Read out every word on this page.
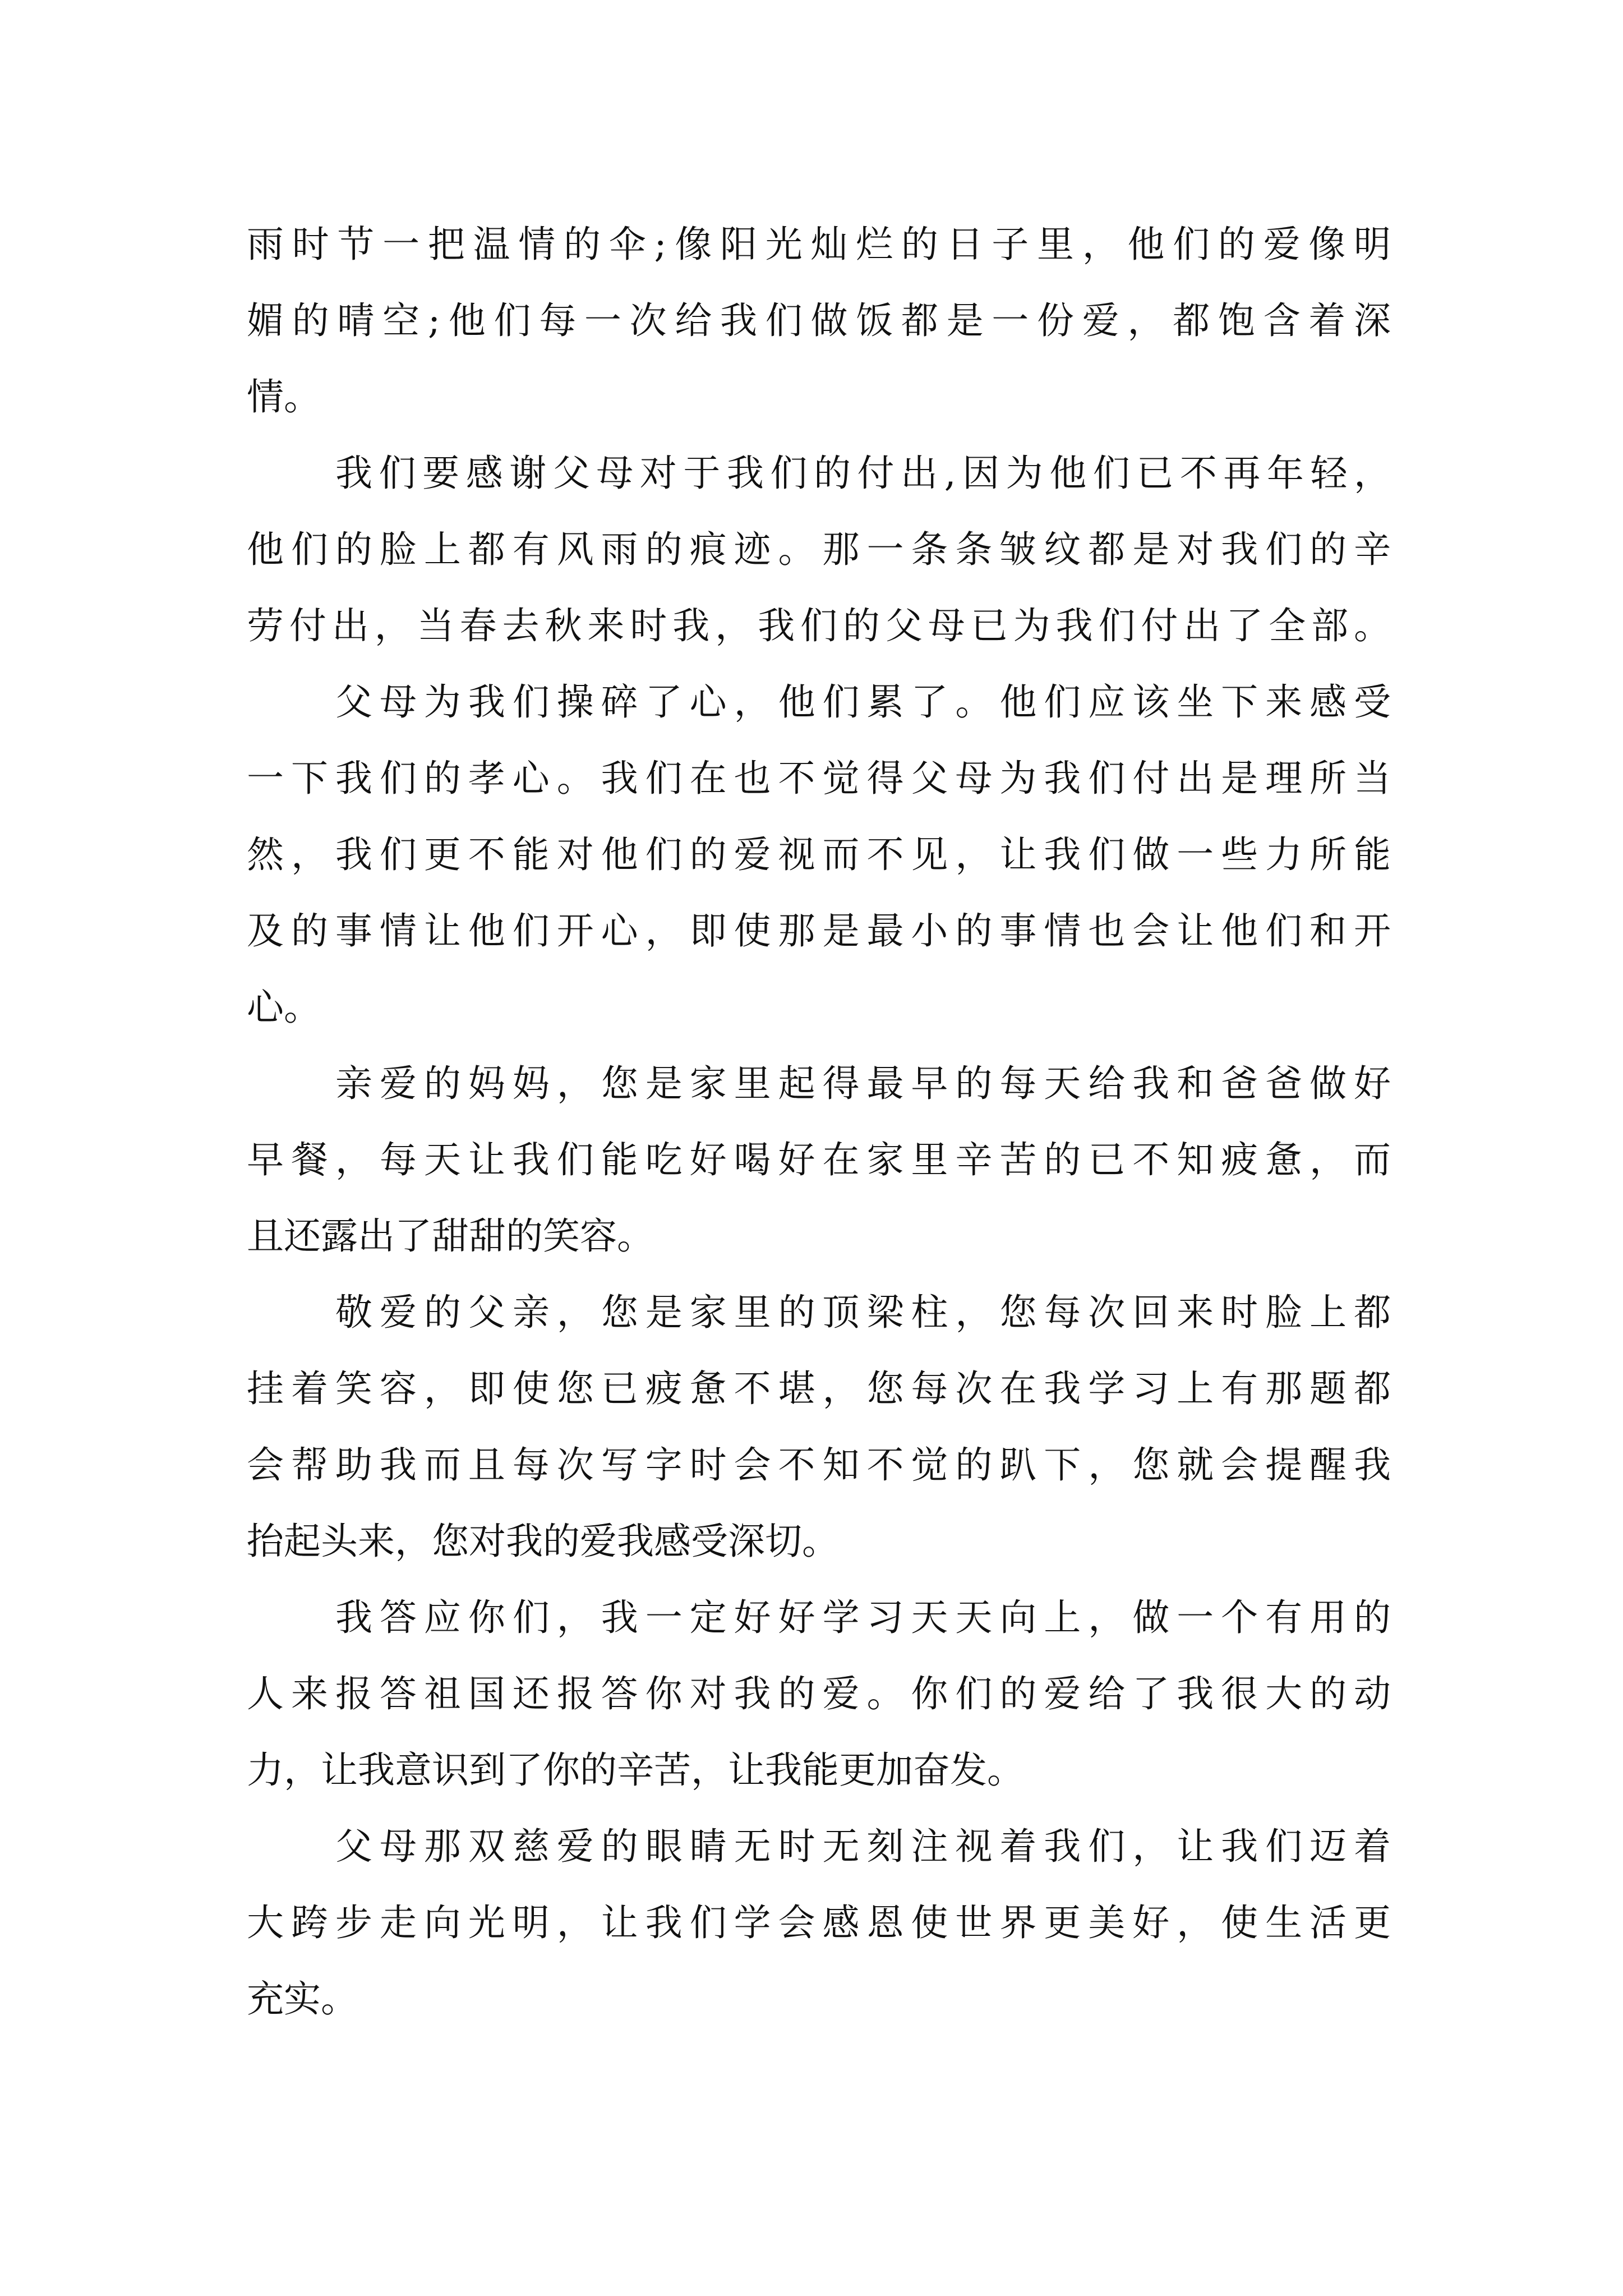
雨时节一把温情的伞;像阳光灿烂的日子里，他们的爱像明
媚的晴空;他们每一次给我们做饭都是一份爱，都饱含着深
情。
我们要感谢父母对于我们的付出,因为他们已不再年轻，
他们的脸上都有风雨的痕迹。那一条条皱纹都是对我们的辛
劳付出，当春去秋来时我，我们的父母已为我们付出了全部。
父母为我们操碎了心，他们累了。他们应该坐下来感受
一下我们的孝心。我们在也不觉得父母为我们付出是理所当
然，我们更不能对他们的爱视而不见，让我们做一些力所能
及的事情让他们开心，即使那是最小的事情也会让他们和开
心。
亲爱的妈妈，您是家里起得最早的每天给我和爸爸做好
早餐，每天让我们能吃好喝好在家里辛苦的已不知疲惫，而
且还露出了甜甜的笑容。
敬爱的父亲，您是家里的顶梁柱，您每次回来时脸上都
挂着笑容，即使您已疲惫不堪，您每次在我学习上有那题都
会帮助我而且每次写字时会不知不觉的趴下，您就会提醒我
抬起头来，您对我的爱我感受深切。
我答应你们，我一定好好学习天天向上，做一个有用的
人来报答祖国还报答你对我的爱。你们的爱给了我很大的动
力，让我意识到了你的辛苦，让我能更加奋发。
父母那双慈爱的眼睛无时无刻注视着我们，让我们迈着
大跨步走向光明，让我们学会感恩使世界更美好，使生活更
充实。
